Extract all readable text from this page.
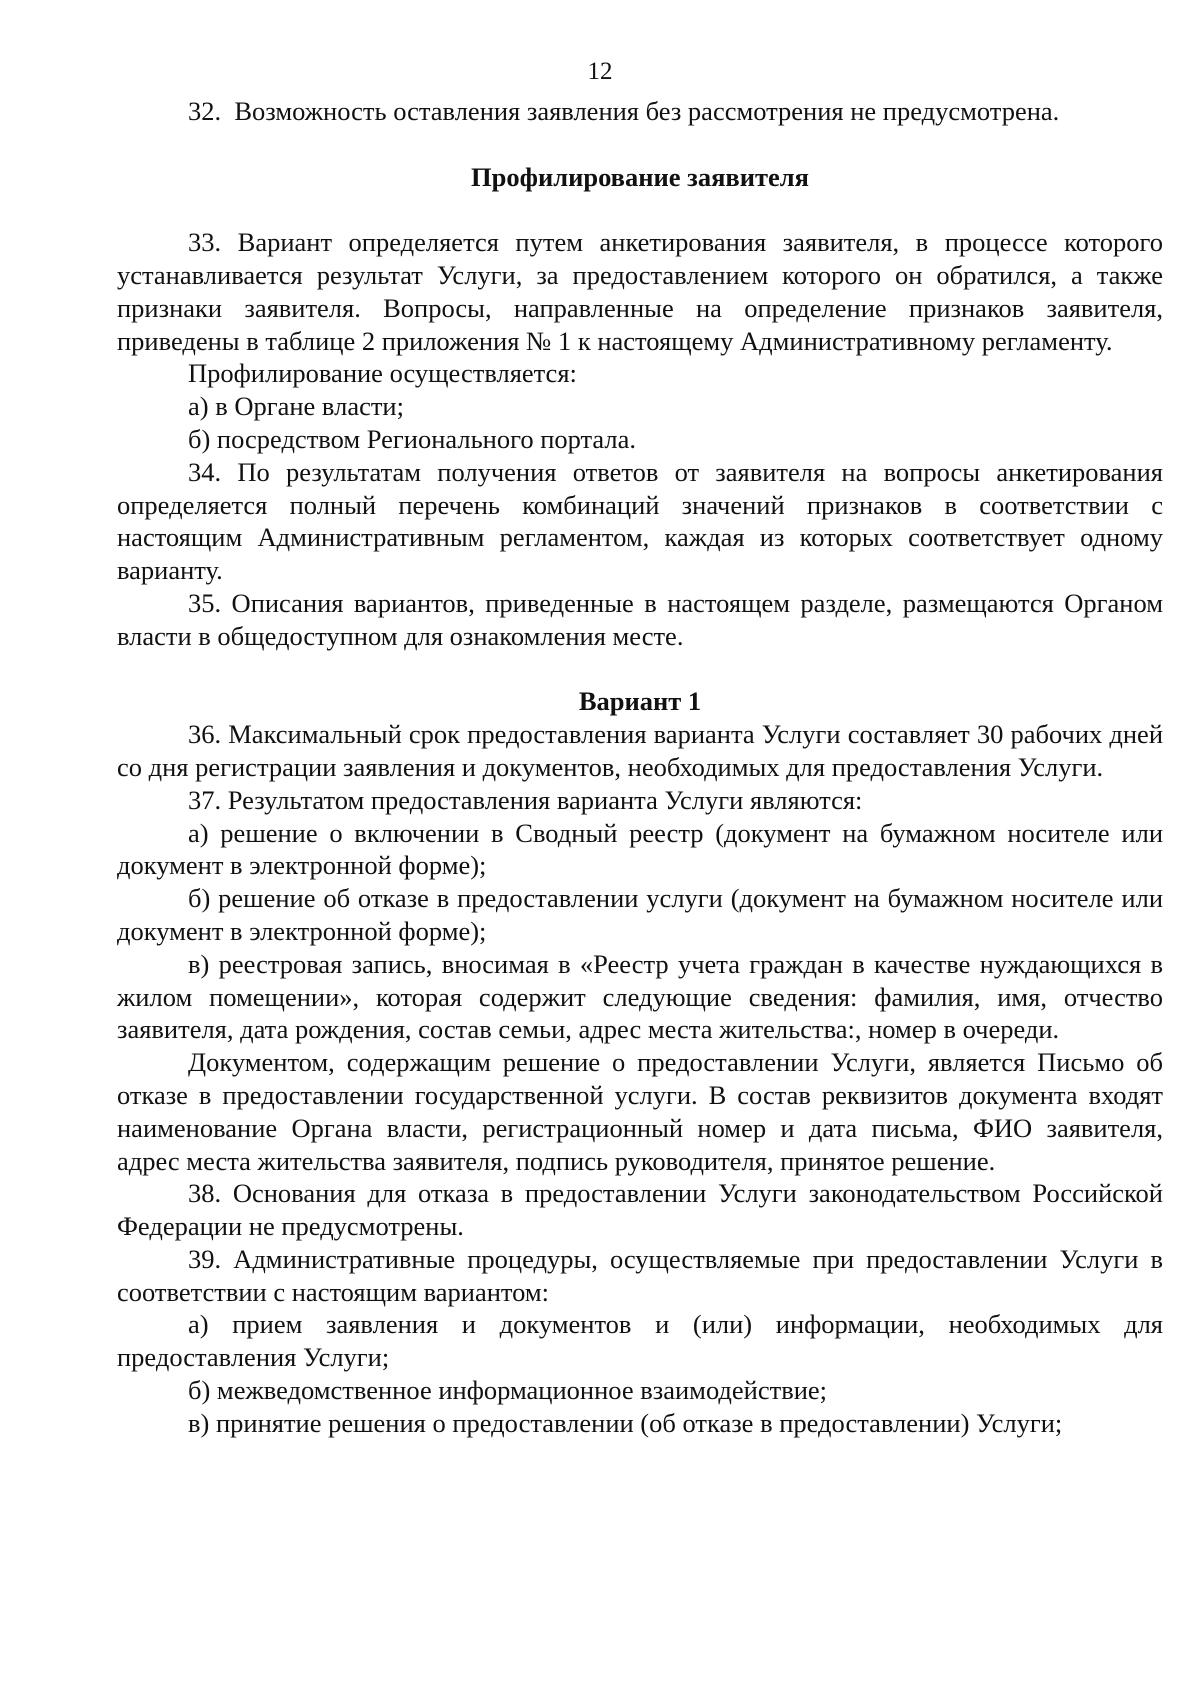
12

32.  Возможность оставления заявления без рассмотрения не предусмотрена.

Профилирование заявителя

33. Вариант определяется путем анкетирования заявителя, в процессе которого устанавливается результат Услуги, за предоставлением которого он обратился, а также признаки заявителя. Вопросы, направленные на определение признаков заявителя, приведены в таблице 2 приложения № 1 к настоящему Административному регламенту.

Профилирование осуществляется:

а) в Органе власти;

б) посредством Регионального портала.

34. По результатам получения ответов от заявителя на вопросы анкетирования определяется полный перечень комбинаций значений признаков в соответствии с настоящим Административным регламентом, каждая из которых соответствует одному варианту.

35. Описания вариантов, приведенные в настоящем разделе, размещаются Органом власти в общедоступном для ознакомления месте.

Вариант 1

36. Максимальный срок предоставления варианта Услуги составляет 30 рабочих дней со дня регистрации заявления и документов, необходимых для предоставления Услуги.

37. Результатом предоставления варианта Услуги являются:

а) решение о включении в Сводный реестр (документ на бумажном носителе или документ в электронной форме);

б) решение об отказе в предоставлении услуги (документ на бумажном носителе или документ в электронной форме);

в) реестровая запись, вносимая в «Реестр учета граждан в качестве нуждающихся в жилом помещении», которая содержит следующие сведения: фамилия, имя, отчество заявителя, дата рождения, состав семьи, адрес места жительства:, номер в очереди.

Документом, содержащим решение о предоставлении Услуги, является Письмо об отказе в предоставлении государственной услуги. В состав реквизитов документа входят наименование Органа власти, регистрационный номер и дата письма, ФИО заявителя, адрес места жительства заявителя, подпись руководителя, принятое решение.

38. Основания для отказа в предоставлении Услуги законодательством Российской Федерации не предусмотрены.

39. Административные процедуры, осуществляемые при предоставлении Услуги в соответствии с настоящим вариантом:

а) прием заявления и документов и (или) информации, необходимых для предоставления Услуги;

б) межведомственное информационное взаимодействие;

в) принятие решения о предоставлении (об отказе в предоставлении) Услуги;
